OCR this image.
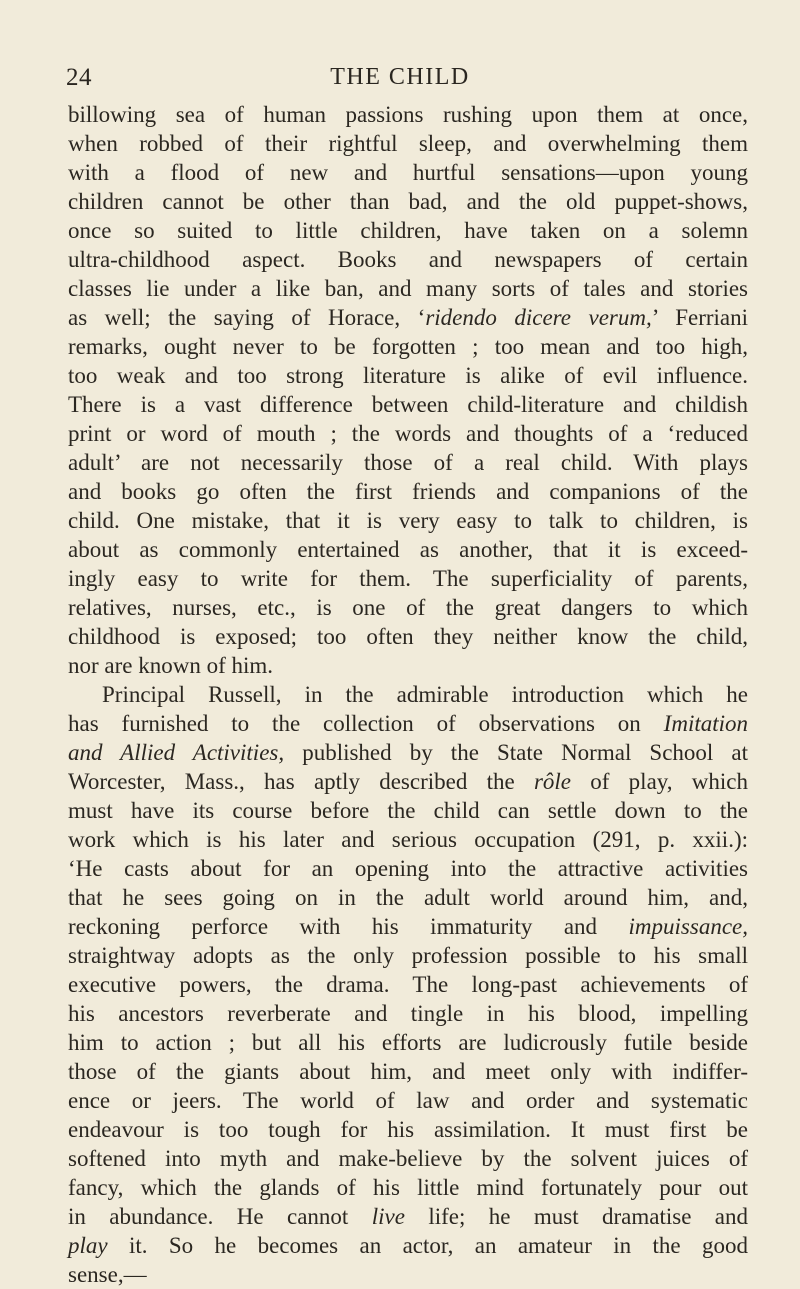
24	THE CHILD
billowing sea of human passions rushing upon them at once,
when robbed of their rightful sleep, and overwhelming them
with a flood of new and hurtful sensations—upon young
children cannot be other than bad, and the old puppet-shows,
once so suited to little children, have taken on a solemn
ultra-childhood aspect. Books and newspapers of certain
classes lie under a like ban, and many sorts of tales and stories
as well; the saying of Horace, ‘ridendo dicere verum,’ Ferriani
remarks, ought never to be forgotten ; too mean and too high,
too weak and too strong literature is alike of evil influence.
There is a vast difference between child-literature and childish
print or word of mouth ; the words and thoughts of a ‘reduced
adult’ are not necessarily those of a real child. With plays
and books go often the first friends and companions of the
child. One mistake, that it is very easy to talk to children, is
about as commonly entertained as another, that it is exceed-
ingly easy to write for them. The superficiality of parents,
relatives, nurses, etc., is one of the great dangers to which
childhood is exposed; too often they neither know the child,
nor are known of him.
Principal Russell, in the admirable introduction which he
has furnished to the collection of observations on Imitation
and Allied Activities, published by the State Normal School at
Worcester, Mass., has aptly described the rôle of play, which
must have its course before the child can settle down to the
work which is his later and serious occupation (291, p. xxii.):
‘He casts about for an opening into the attractive activities
that he sees going on in the adult world around him, and,
reckoning perforce with his immaturity and impuissance,
straightway adopts as the only profession possible to his small
executive powers, the drama. The long-past achievements of
his ancestors reverberate and tingle in his blood, impelling
him to action ; but all his efforts are ludicrously futile beside
those of the giants about him, and meet only with indiffer-
ence or jeers. The world of law and order and systematic
endeavour is too tough for his assimilation. It must first be
softened into myth and make-believe by the solvent juices of
fancy, which the glands of his little mind fortunately pour out
in abundance. He cannot live life; he must dramatise and
play it. So he becomes an actor, an amateur in the good
sense,—
